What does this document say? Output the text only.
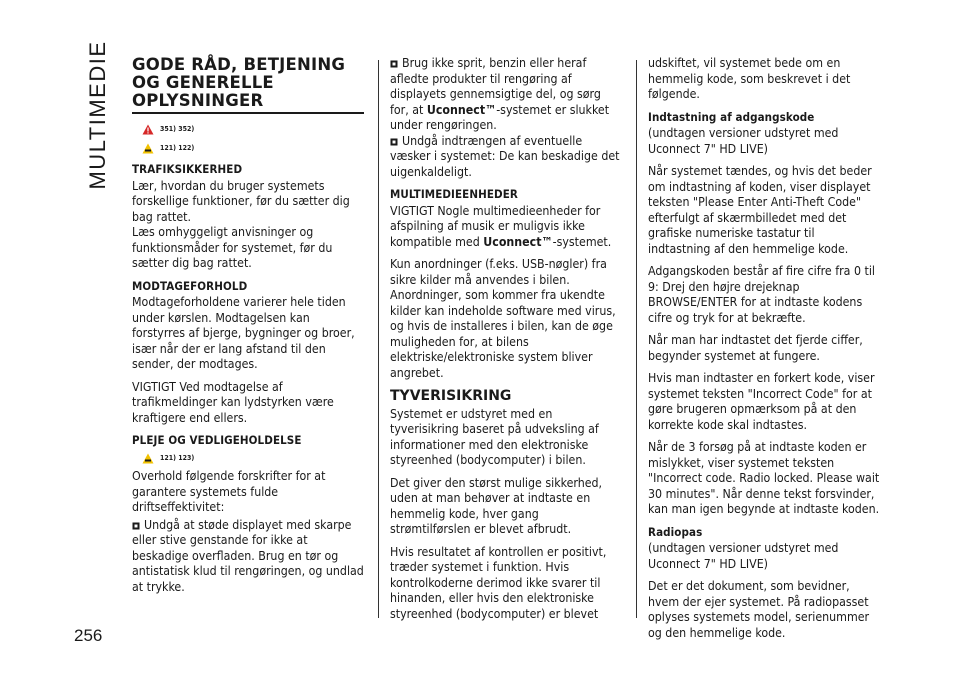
MULTIMEDIE
256
GODE RÅD, BETJENING
OG GENERELLE
OPLYSNINGER
351) 352)
121) 122)
TRAFIKSIKKERHED

Lær, hvordan du bruger systemets forskellige funktioner, før du sætter dig bag rattet.

Læs omhyggeligt anvisninger og funktionsmåder for systemet, før du sætter dig bag rattet.

MODTAGEFORHOLD

Modtageforholdene varierer hele tiden under kørslen. Modtagelsen kan forstyrres af bjerge, bygninger og broer, især når der er lang afstand til den sender, der modtages.

VIGTIGT Ved modtagelse af trafikmeldinger kan lydstyrken være kraftigere end ellers.

PLEJE OG VEDLIGEHOLDELSE
121) 123)

Overhold følgende forskrifter for at garantere systemets fulde driftseffektivitet:

Undgå at støde displayet med skarpe eller stive genstande for ikke at beskadige overfladen. Brug en tør og antistatisk klud til rengøringen, og undlad at trykke.

Brug ikke sprit, benzin eller heraf afledte produkter til rengøring af displayets gennemsigtige del, og sørg for, at Uconnect™-systemet er slukket under rengøringen.

Undgå indtrængen af eventuelle væsker i systemet: De kan beskadige det uigenkaldeligt.

MULTIMEDIEENHEDER

VIGTIGT Nogle multimedieenheder for afspilning af musik er muligvis ikke kompatible med Uconnect™-systemet.

Kun anordninger (f.eks. USB-nøgler) fra sikre kilder må anvendes i bilen. Anordninger, som kommer fra ukendte kilder kan indeholde software med virus, og hvis de installeres i bilen, kan de øge muligheden for, at bilens elektriske/elektroniske system bliver angrebet.

TYVERISIKRING

Systemet er udstyret med en tyverisikring baseret på udveksling af informationer med den elektroniske styreenhed (bodycomputer) i bilen.

Det giver den størst mulige sikkerhed, uden at man behøver at indtaste en hemmelig kode, hver gang strømtilførslen er blevet afbrudt.

Hvis resultatet af kontrollen er positivt, træder systemet i funktion. Hvis kontrolkoderne derimod ikke svarer til hinanden, eller hvis den elektroniske styreenhed (bodycomputer) er blevet

udskiftet, vil systemet bede om en hemmelig kode, som beskrevet i det følgende.

Indtastning af adgangskode

(undtagen versioner udstyret med Uconnect 7" HD LIVE)

Når systemet tændes, og hvis det beder om indtastning af koden, viser displayet teksten "Please Enter Anti-Theft Code" efterfulgt af skærmbilledet med det grafiske numeriske tastatur til indtastning af den hemmelige kode.

Adgangskoden består af fire cifre fra 0 til 9: Drej den højre drejeknap BROWSE/ENTER for at indtaste kodens cifre og tryk for at bekræfte.

Når man har indtastet det fjerde ciffer, begynder systemet at fungere.

Hvis man indtaster en forkert kode, viser systemet teksten "Incorrect Code" for at gøre brugeren opmærksom på at den korrekte kode skal indtastes.

Når de 3 forsøg på at indtaste koden er mislykket, viser systemet teksten "Incorrect code. Radio locked. Please wait 30 minutes". Når denne tekst forsvinder, kan man igen begynde at indtaste koden.

Radiopas

(undtagen versioner udstyret med Uconnect 7" HD LIVE)

Det er det dokument, som bevidner, hvem der ejer systemet. På radiopasset oplyses systemets model, serienummer og den hemmelige kode.
